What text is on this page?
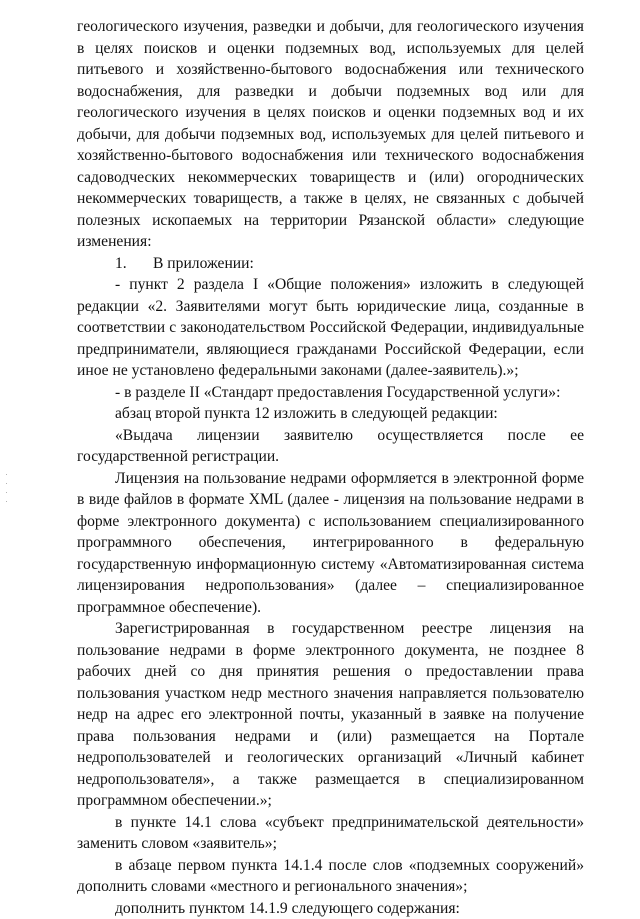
геологического изучения, разведки и добычи, для геологического изучения в целях поисков и оценки подземных вод, используемых для целей питьевого и хозяйственно-бытового водоснабжения или технического водоснабжения, для разведки и добычи подземных вод или для геологического изучения в целях поисков и оценки подземных вод и их добычи, для добычи подземных вод, используемых для целей питьевого и хозяйственно-бытового водоснабжения или технического водоснабжения садоводческих некоммерческих товариществ и (или) огороднических некоммерческих товариществ, а также в целях, не связанных с добычей полезных ископаемых на территории Рязанской области» следующие изменения:

1.	В приложении:

- пункт 2 раздела I «Общие положения» изложить в следующей редакции «2. Заявителями могут быть юридические лица, созданные в соответствии с законодательством Российской Федерации, индивидуальные предприниматели, являющиеся гражданами Российской Федерации, если иное не установлено федеральными законами (далее-заявитель).»;

- в разделе II «Стандарт предоставления Государственной услуги»:

абзац второй пункта 12 изложить в следующей редакции:

«Выдача лицензии заявителю осуществляется после ее государственной регистрации.

Лицензия на пользование недрами оформляется в электронной форме в виде файлов в формате XML (далее - лицензия на пользование недрами в форме электронного документа) с использованием специализированного программного обеспечения, интегрированного в федеральную государственную информационную систему «Автоматизированная система лицензирования недропользования» (далее – специализированное программное обеспечение).

Зарегистрированная в государственном реестре лицензия на пользование недрами в форме электронного документа, не позднее 8 рабочих дней со дня принятия решения о предоставлении права пользования участком недр местного значения направляется пользователю недр на адрес его электронной почты, указанный в заявке на получение права пользования недрами и (или) размещается на Портале недропользователей и геологических организаций «Личный кабинет недропользователя», а также размещается в специализированном программном обеспечении.»;

в пункте 14.1 слова «субъект предпринимательской деятельности» заменить словом «заявитель»;

в абзаце первом пункта 14.1.4 после слов «подземных сооружений» дополнить словами «местного и регионального значения»;

дополнить пунктом 14.1.9 следующего содержания:
